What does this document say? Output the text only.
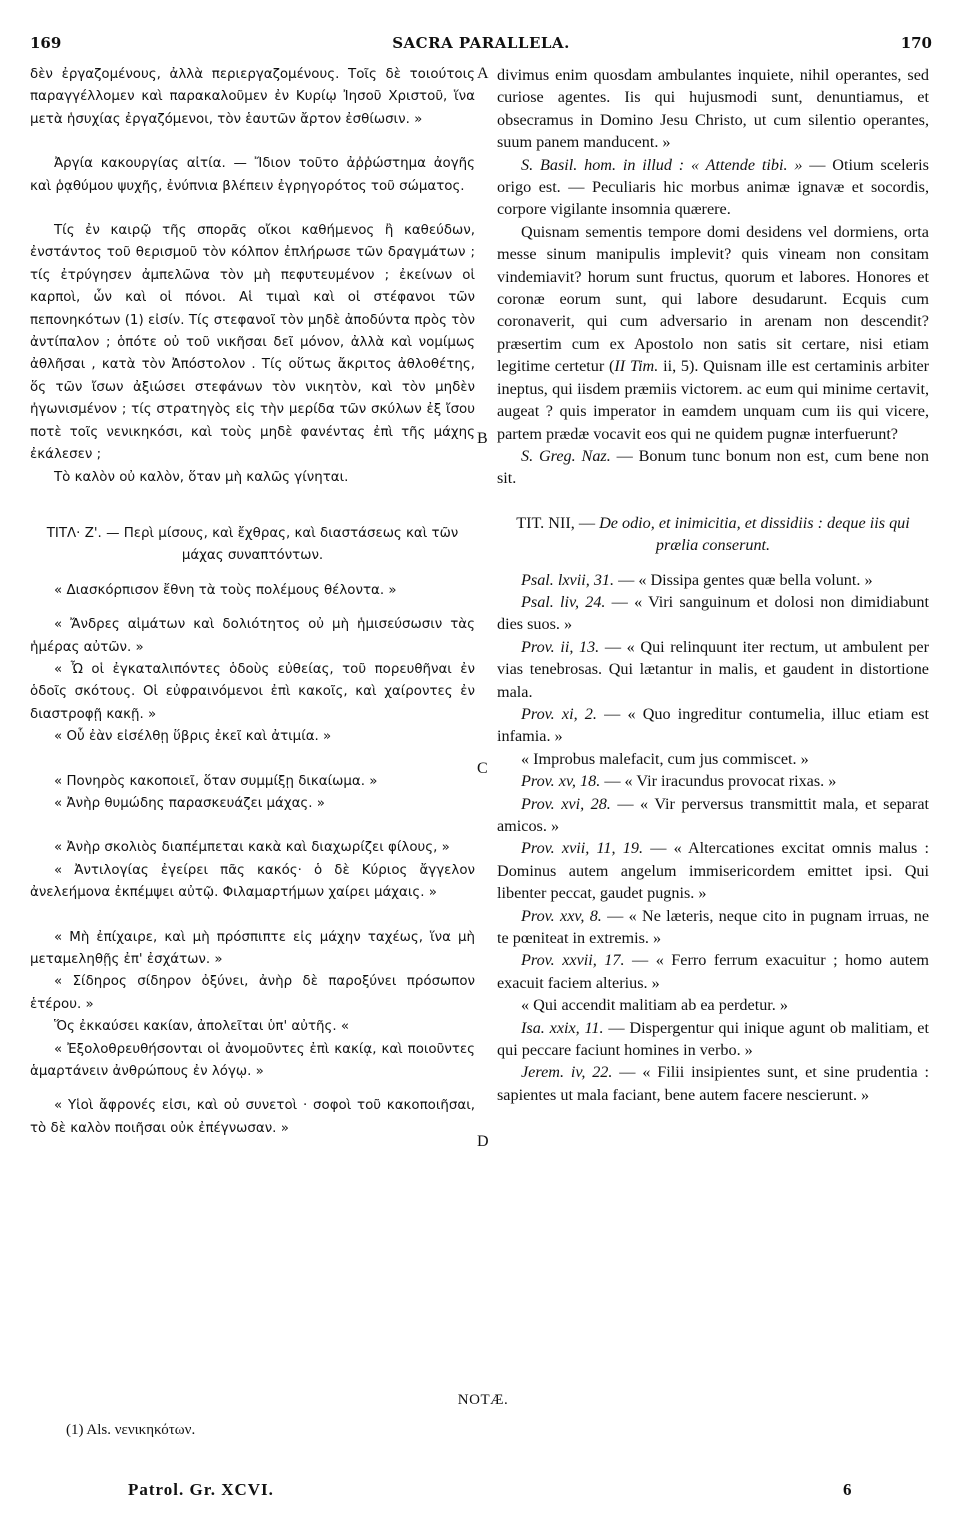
169	SACRA PARALLELA.	170

δὲν ἐργαζομένους, ἀλλὰ περιεργαζομένους. Τοῖς δὲ τοιούτοις παραγγέλλομεν καὶ παρακαλοῦμεν ἐν Κυρίῳ Ἰησοῦ Χριστοῦ, ἵνα μετὰ ἡσυχίας ἐργαζόμενοι, τὸν ἑαυτῶν ἄρτον ἐσθίωσιν. »

Ἀργία κακουργίας αἰτία. — Ἴδιον τοῦτο ἀῤῥώστημα ἀογῆς καὶ ῥᾳθύμου ψυχῆς, ἐνύπνια βλέπειν ἐγρηγορότος τοῦ σώματος.

Τίς ἐν καιρῷ τῆς σπορᾶς οἴκοι καθήμενος ἢ καθεύδων, ἐνστάντος τοῦ θερισμοῦ τὸν κόλπον ἐπλήρωσε τῶν δραγμάτων ; τίς ἐτρύγησεν ἀμπελῶνα τὸν μὴ πεφυτευμένον ; ἐκείνων οἱ καρποὶ, ὧν καὶ οἱ πόνοι. Αἱ τιμαὶ καὶ οἱ στέφανοι τῶν πεπονηκότων (1) εἰσίν. Τίς στεφανοῖ τὸν μηδὲ ἀποδύντα πρὸς τὸν ἀντίπαλον ; ὁπότε οὐ τοῦ νικῆσαι δεῖ μόνον, ἀλλὰ καὶ νομίμως ἀθλῆσαι , κατὰ τὸν Ἀπόστολον . Τίς οὕτως ἄκριτος ἀθλοθέτης, ὅς τῶν ἴσων ἀξιώσει στεφάνων τὸν νικητὸν, καὶ τὸν μηδὲν ἠγωνισμένον ; τίς στρατηγὸς εἰς τὴν μερίδα τῶν σκύλων ἐξ ἴσου ποτὲ τοῖς νενικηκόσι, καὶ τοὺς μηδὲ φανέντας ἐπὶ τῆς μάχης ἐκάλεσεν ;

Τὸ καλὸν οὐ καλὸν, ὅταν μὴ καλῶς γίνηται.

ΤΙΤΛ· Ζ'. — Περὶ μίσους, καὶ ἔχθρας, καὶ διαστάσεως καὶ τῶν μάχας συναπτόντων.

« Διασκόρπισον ἔθνη τὰ τοὺς πολέμους θέλοντα. »

« Ἄνδρες αἱμάτων καὶ δολιότητος οὐ μὴ ἡμισεύσωσιν τὰς ἡμέρας αὐτῶν. »

« Ὦ οἱ ἐγκαταλιπόντες ὁδοὺς εὐθείας, τοῦ πορευθῆναι ἐν ὁδοῖς σκότους. Οἱ εὐφραινόμενοι ἐπὶ κακοῖς, καὶ χαίροντες ἐν διαστροφῇ κακῇ. »

« Οὗ ἐὰν εἰσέλθῃ ὕβρις ἐκεῖ καὶ ἀτιμία. »

« Πονηρὸς κακοποιεῖ, ὅταν συμμίξῃ δικαίωμα. »

« Ἀνὴρ θυμώδης παρασκευάζει μάχας. »

« Ἀνὴρ σκολιὸς διαπέμπεται κακὰ καὶ διαχωρίζει φίλους, »

« Ἀντιλογίας ἐγείρει πᾶς κακός· ὁ δὲ Κύριος ἄγγελον ἀνελεήμονα ἐκπέμψει αὐτῷ. Φιλαμαρτήμων χαίρει μάχαις. »

« Μὴ ἐπίχαιρε, καὶ μὴ πρόσπιπτε εἰς μάχην ταχέως, ἵνα μὴ μεταμεληθῇς ἐπ' ἐσχάτων. »

« Σίδηρος σίδηρον ὀξύνει, ἀνὴρ δὲ παροξύνει πρόσωπον ἑτέρου. »

Ὅς ἐκκαύσει κακίαν, ἀπολεῖται ὑπ' αὐτῆς. «

« Ἐξολοθρευθήσονται οἱ ἀνομοῦντες ἐπὶ κακίᾳ, καὶ ποιοῦντες ἁμαρτάνειν ἀνθρώπους ἐν λόγῳ. »

« Υἱοὶ ἄφρονές εἰσι, καὶ οὐ συνετοὶ · σοφοὶ τοῦ κακοποιῆσαι, τὸ δὲ καλὸν ποιῆσαι οὐκ ἐπέγνωσαν. »

divimus enim quosdam ambulantes inquiete, nihil operantes, sed curiose agentes. Iis qui hujusmodi sunt, denuntiamus, et obsecramus in Domino Jesu Christo, ut cum silentio operantes, suum panem manducent. »

S. Basil. hom. in illud : « Attende tibi. » — Otium sceleris origo est. — Peculiaris hic morbus animæ ignavæ et socordis, corpore vigilante insomnia quærere.

Quisnam sementis tempore domi desidens vel dormiens, orta messe sinum manipulis implevit? quis vineam non consitam vindemiavit? horum sunt fructus, quorum et labores. Honores et coronæ eorum sunt, qui labore desudarunt. Ecquis cum coronaverit, qui cum adversario in arenam non descendit? præsertim cum ex Apostolo non satis sit certare, nisi etiam legitime certetur (II Tim. ii, 5). Quisnam ille est certaminis arbiter ineptus, qui iisdem præmiis victorem. ac eum qui minime certavit, augeat ? quis imperator in eamdem unquam cum iis qui vicere, partem prædæ vocavit eos qui ne quidem pugnæ interfuerunt?

S. Greg. Naz. — Bonum tunc bonum non est, cum bene non sit.

TIT. NII, — De odio, et inimicitia, et dissidiis : deque iis qui prælia conserunt.

Psal. lxvii, 31. — « Dissipa gentes quæ bella volunt. »

Psal. liv, 24. — « Viri sanguinum et dolosi non dimidiabunt dies suos. »

Prov. ii, 13. — « Qui relinquunt iter rectum, ut ambulent per vias tenebrosas. Qui lætantur in malis, et gaudent in distortione mala.

Prov. xi, 2. — « Quo ingreditur contumelia, illuc etiam est infamia. »

« Improbus malefacit, cum jus commiscet. »

Prov. xv, 18. — « Vir iracundus provocat rixas. »

Prov. xvi, 28. — « Vir perversus transmittit mala, et separat amicos. »

Prov. xvii, 11, 19. — « Altercationes excitat omnis malus : Dominus autem angelum immisericordem emittet ipsi. Qui libenter peccat, gaudet pugnis. »

Prov. xxv, 8. — « Ne læteris, neque cito in pugnam irruas, ne te pœniteat in extremis. »

Prov. xxvii, 17. — « Ferro ferrum exacuitur ; homo autem exacuit faciem alterius. »

« Qui accendit malitiam ab ea perdetur. »

Isa. xxix, 11. — Dispergentur qui inique agunt ob malitiam, et qui peccare faciunt homines in verbo. »

Jerem. iv, 22. — « Filii insipientes sunt, et sine prudentia : sapientes ut mala faciant, bene autem facere nescierunt. »

A
B
C
D
NOTÆ.
(1) Als. νενικηκότων.
Patrol. Gr. XCVI.	6
